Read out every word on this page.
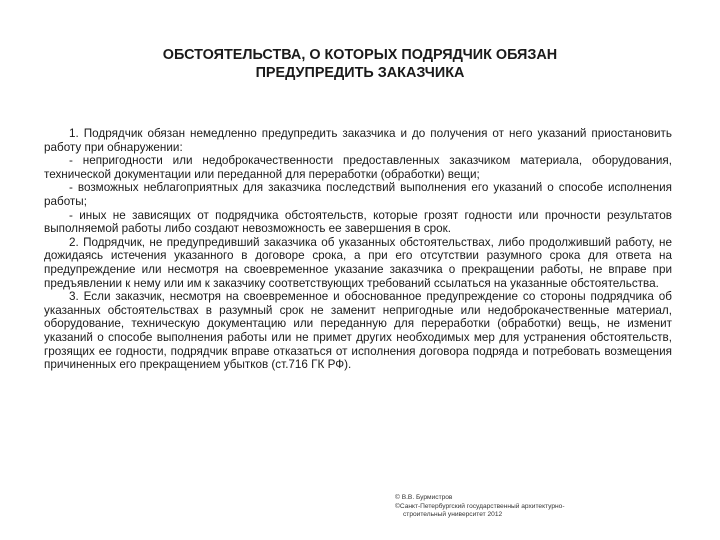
ОБСТОЯТЕЛЬСТВА, О КОТОРЫХ ПОДРЯДЧИК ОБЯЗАН
ПРЕДУПРЕДИТЬ ЗАКАЗЧИКА

1. Подрядчик обязан немедленно предупредить заказчика и до получения от него указаний приостановить работу при обнаружении:

- непригодности или недоброкачественности предоставленных заказчиком материала, оборудования, технической документации или переданной для переработки (обработки) вещи;

- возможных неблагоприятных для заказчика последствий выполнения его указаний о способе исполнения работы;

- иных не зависящих от подрядчика обстоятельств, которые грозят годности или прочности результатов выполняемой работы либо создают невозможность ее завершения в срок.

2. Подрядчик, не предупредивший заказчика об указанных обстоятельствах, либо продолживший работу, не дожидаясь истечения указанного в договоре срока, а при его отсутствии разумного срока для ответа на предупреждение или несмотря на своевременное указание заказчика о прекращении работы, не вправе при предъявлении к нему или им к заказчику соответствующих требований ссылаться на указанные обстоятельства.

3. Если заказчик, несмотря на своевременное и обоснованное предупреждение со стороны подрядчика об указанных обстоятельствах в разумный срок не заменит непригодные или недоброкачественные материал, оборудование, техническую документацию или переданную для переработки (обработки) вещь, не изменит указаний о способе выполнения работы или не примет других необходимых мер для устранения обстоятельств, грозящих ее годности, подрядчик вправе отказаться от исполнения договора подряда и потребовать возмещения причиненных его прекращением убытков (ст.716 ГК РФ).

© В.В. Бурмистров
©Санкт-Петербургский государственный архитектурно-
строительный университет 2012
